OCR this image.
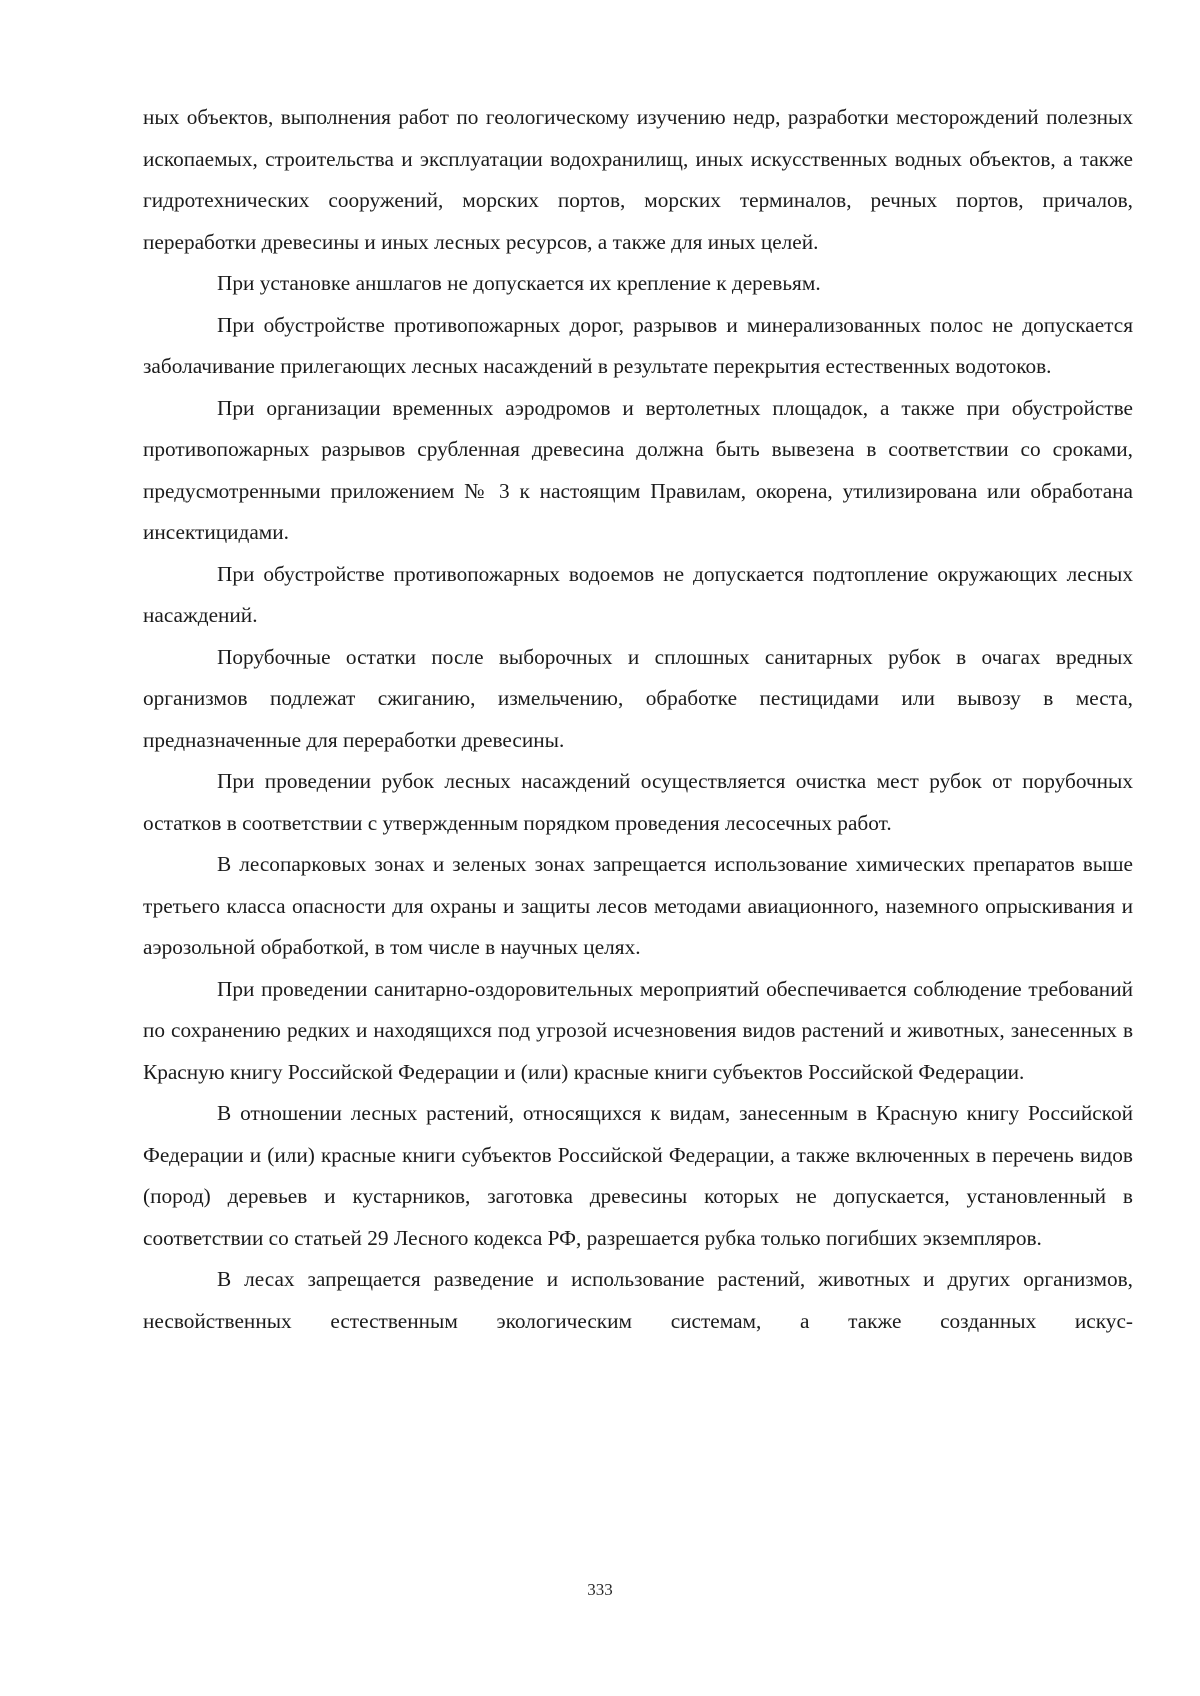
ных объектов, выполнения работ по геологическому изучению недр, разработки месторождений полезных ископаемых, строительства и эксплуатации водохранилищ, иных искусственных водных объектов, а также гидротехнических сооружений, морских портов, морских терминалов, речных портов, причалов, переработки древесины и иных лесных ресурсов, а также для иных целей.

При установке аншлагов не допускается их крепление к деревьям.

При обустройстве противопожарных дорог, разрывов и минерализованных полос не допускается заболачивание прилегающих лесных насаждений в результате перекрытия естественных водотоков.

При организации временных аэродромов и вертолетных площадок, а также при обустройстве противопожарных разрывов срубленная древесина должна быть вывезена в соответствии со сроками, предусмотренными приложением № 3 к настоящим Правилам, окорена, утилизирована или обработана инсектицидами.

При обустройстве противопожарных водоемов не допускается подтопление окружающих лесных насаждений.

Порубочные остатки после выборочных и сплошных санитарных рубок в очагах вредных организмов подлежат сжиганию, измельчению, обработке пестицидами или вывозу в места, предназначенные для переработки древесины.

При проведении рубок лесных насаждений осуществляется очистка мест рубок от порубочных остатков в соответствии с утвержденным порядком проведения лесосечных работ.

В лесопарковых зонах и зеленых зонах запрещается использование химических препаратов выше третьего класса опасности для охраны и защиты лесов методами авиационного, наземного опрыскивания и аэрозольной обработкой, в том числе в научных целях.

При проведении санитарно-оздоровительных мероприятий обеспечивается соблюдение требований по сохранению редких и находящихся под угрозой исчезновения видов растений и животных, занесенных в Красную книгу Российской Федерации и (или) красные книги субъектов Российской Федерации.

В отношении лесных растений, относящихся к видам, занесенным в Красную книгу Российской Федерации и (или) красные книги субъектов Российской Федерации, а также включенных в перечень видов (пород) деревьев и кустарников, заготовка древесины которых не допускается, установленный в соответствии со статьей 29 Лесного кодекса РФ, разрешается рубка только погибших экземпляров.

В лесах запрещается разведение и использование растений, животных и других организмов, несвойственных естественным экологическим системам, а также созданных искус-

333
